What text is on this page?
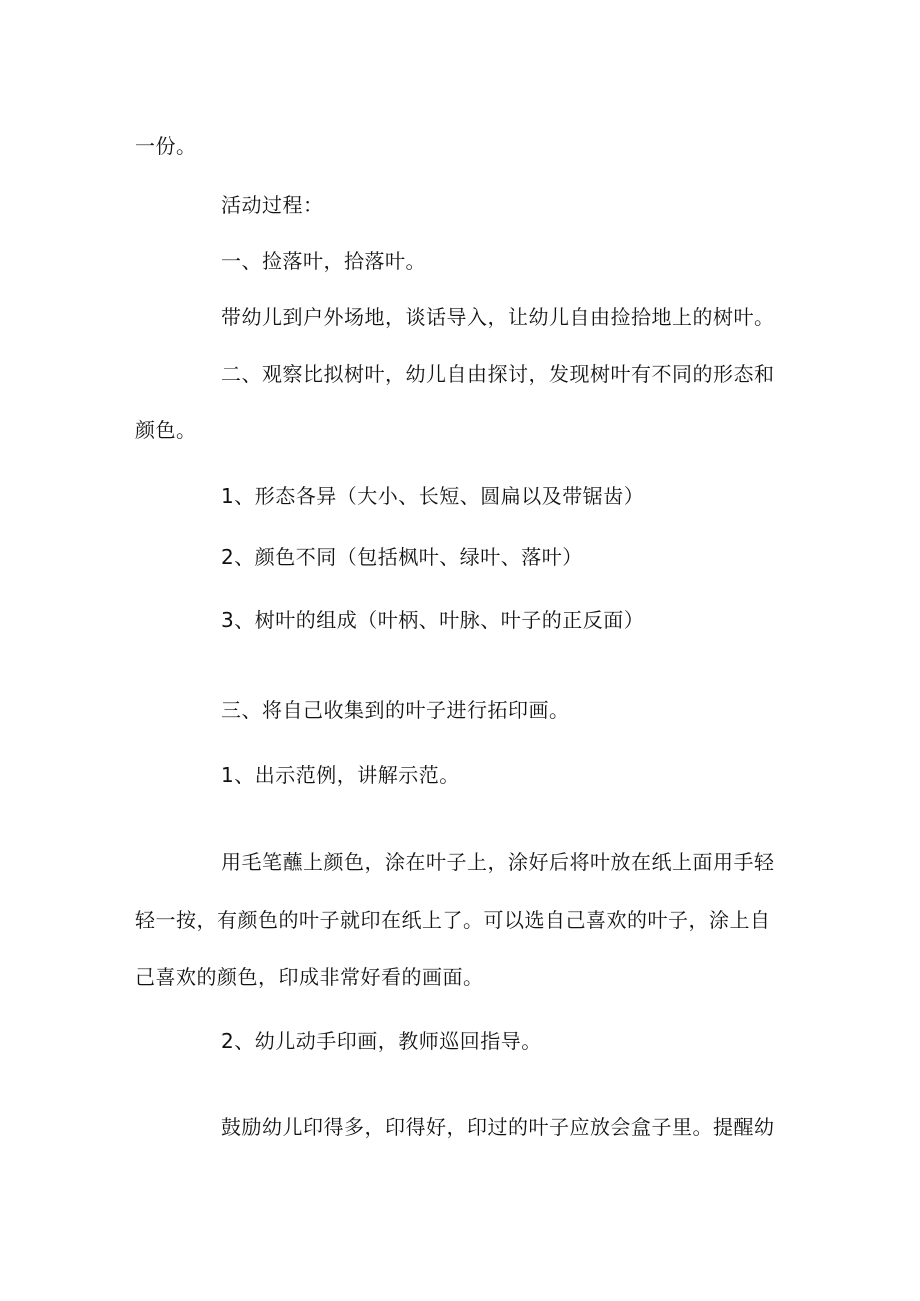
一份。
活动过程：
一、捡落叶，拾落叶。
带幼儿到户外场地，谈话导入，让幼儿自由捡拾地上的树叶。
二、观察比拟树叶，幼儿自由探讨，发现树叶有不同的形态和
颜色。
1、形态各异（大小、长短、圆扁以及带锯齿）
2、颜色不同（包括枫叶、绿叶、落叶）
3、树叶的组成（叶柄、叶脉、叶子的正反面）
三、将自己收集到的叶子进行拓印画。
1、出示范例，讲解示范。
用毛笔蘸上颜色，涂在叶子上，涂好后将叶放在纸上面用手轻
轻一按，有颜色的叶子就印在纸上了。可以选自己喜欢的叶子，涂上自
己喜欢的颜色，印成非常好看的画面。
2、幼儿动手印画，教师巡回指导。
鼓励幼儿印得多，印得好，印过的叶子应放会盒子里。提醒幼
